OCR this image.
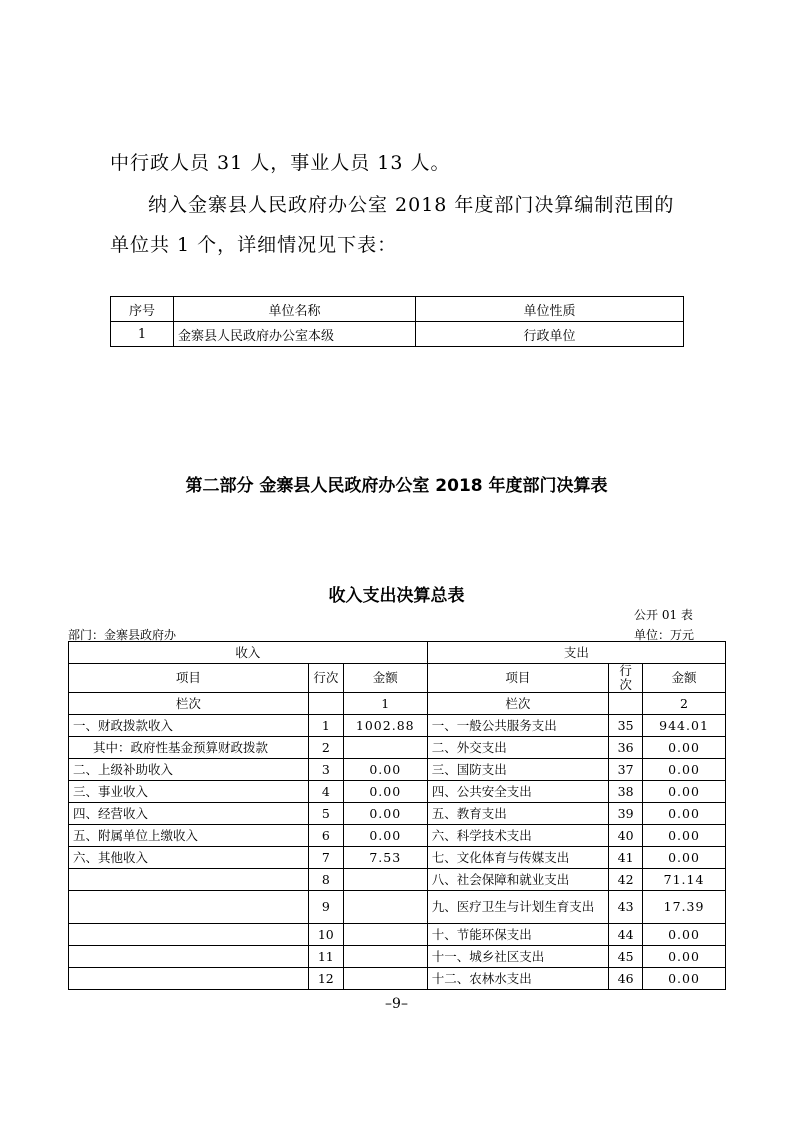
中行政人员 31 人，事业人员 13 人。
纳入金寨县人民政府办公室 2018 年度部门决算编制范围的
单位共 1 个，详细情况见下表：
序号	单位名称	单位性质
1	金寨县人民政府办公室本级	行政单位
第二部分 金寨县人民政府办公室 2018 年度部门决算表
收入支出决算总表
公开 01 表
部门：金寨县政府办	单位：万元
收入			支出		
项目	行次	金额	项目	行次	金额
栏次		1	栏次		2
一、财政拨款收入	1	1002.88	一、一般公共服务支出	35	944.01
其中：政府性基金预算财政拨款	2		二、外交支出	36	0.00
二、上级补助收入	3	0.00	三、国防支出	37	0.00
三、事业收入	4	0.00	四、公共安全支出	38	0.00
四、经营收入	5	0.00	五、教育支出	39	0.00
五、附属单位上缴收入	6	0.00	六、科学技术支出	40	0.00
六、其他收入	7	7.53	七、文化体育与传媒支出	41	0.00
	8		八、社会保障和就业支出	42	71.14
	9		九、医疗卫生与计划生育支出	43	17.39
	10		十、节能环保支出	44	0.00
	11		十一、城乡社区支出	45	0.00
	12		十二、农林水支出	46	0.00
–9–
